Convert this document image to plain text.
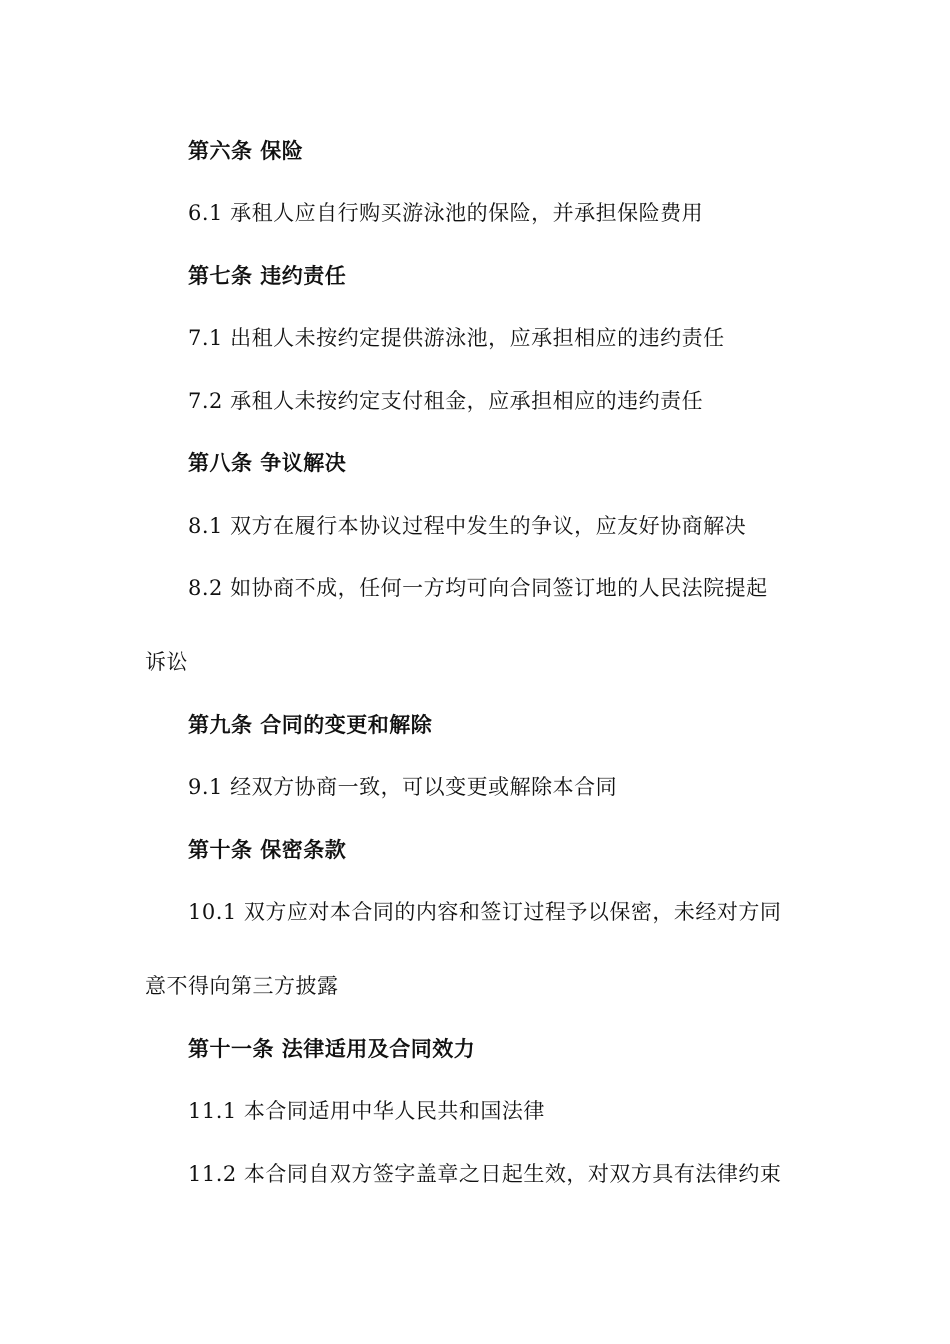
第六条 保险
6.1 承租人应自行购买游泳池的保险，并承担保险费用
第七条 违约责任
7.1 出租人未按约定提供游泳池，应承担相应的违约责任
7.2 承租人未按约定支付租金，应承担相应的违约责任
第八条 争议解决
8.1 双方在履行本协议过程中发生的争议，应友好协商解决
8.2 如协商不成，任何一方均可向合同签订地的人民法院提起
诉讼
第九条 合同的变更和解除
9.1 经双方协商一致，可以变更或解除本合同
第十条 保密条款
10.1 双方应对本合同的内容和签订过程予以保密，未经对方同
意不得向第三方披露
第十一条 法律适用及合同效力
11.1 本合同适用中华人民共和国法律
11.2 本合同自双方签字盖章之日起生效，对双方具有法律约束
